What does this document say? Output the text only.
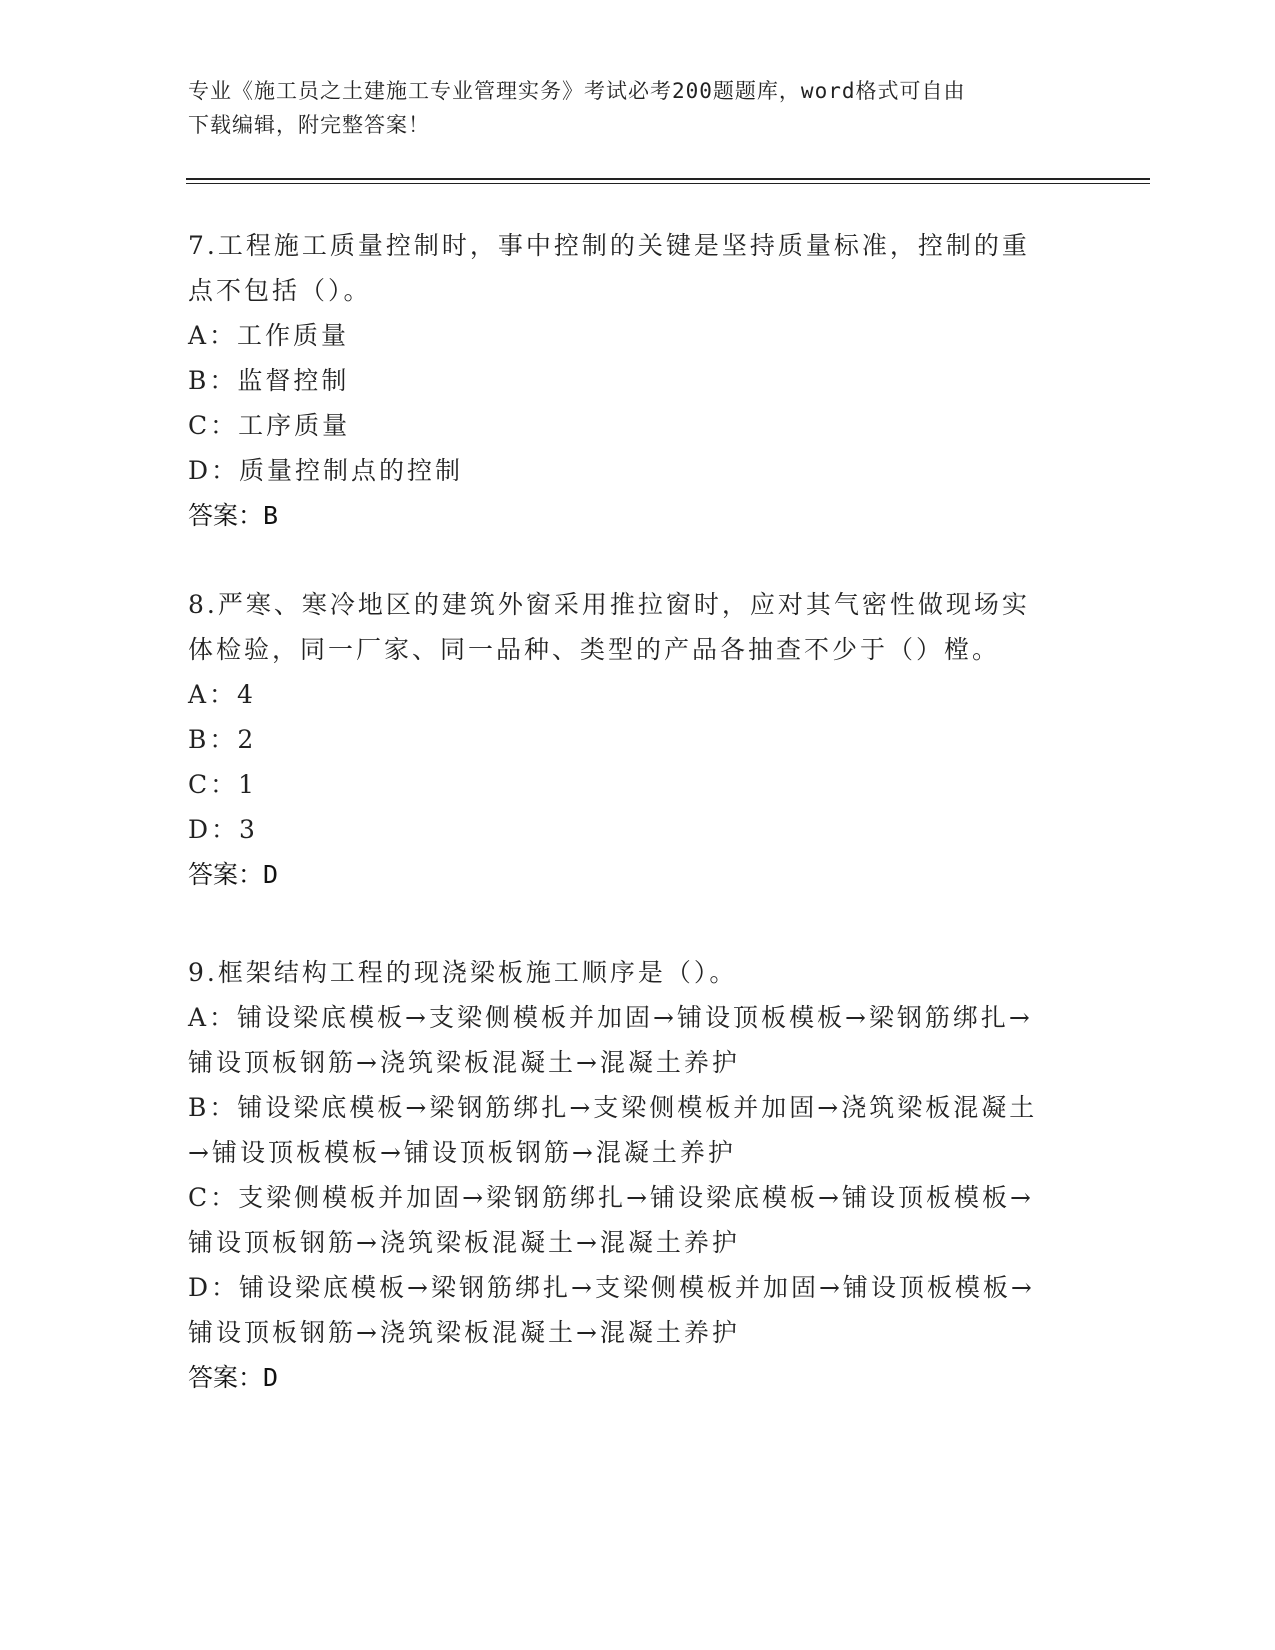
专业《施工员之土建施工专业管理实务》考试必考200题题库，word格式可自由
下载编辑，附完整答案！

7.工程施工质量控制时，事中控制的关键是坚持质量标准，控制的重

点不包括（）。

A：工作质量

B：监督控制

C：工序质量

D：质量控制点的控制

答案：B

8.严寒、寒冷地区的建筑外窗采用推拉窗时，应对其气密性做现场实

体检验，同一厂家、同一品种、类型的产品各抽查不少于（）樘。

A：4

B：2

C：1

D：3

答案：D

9.框架结构工程的现浇梁板施工顺序是（）。

A：铺设梁底模板→支梁侧模板并加固→铺设顶板模板→梁钢筋绑扎→

铺设顶板钢筋→浇筑梁板混凝土→混凝土养护

B：铺设梁底模板→梁钢筋绑扎→支梁侧模板并加固→浇筑梁板混凝土

→铺设顶板模板→铺设顶板钢筋→混凝土养护

C：支梁侧模板并加固→梁钢筋绑扎→铺设梁底模板→铺设顶板模板→

铺设顶板钢筋→浇筑梁板混凝土→混凝土养护

D：铺设梁底模板→梁钢筋绑扎→支梁侧模板并加固→铺设顶板模板→

铺设顶板钢筋→浇筑梁板混凝土→混凝土养护

答案：D
